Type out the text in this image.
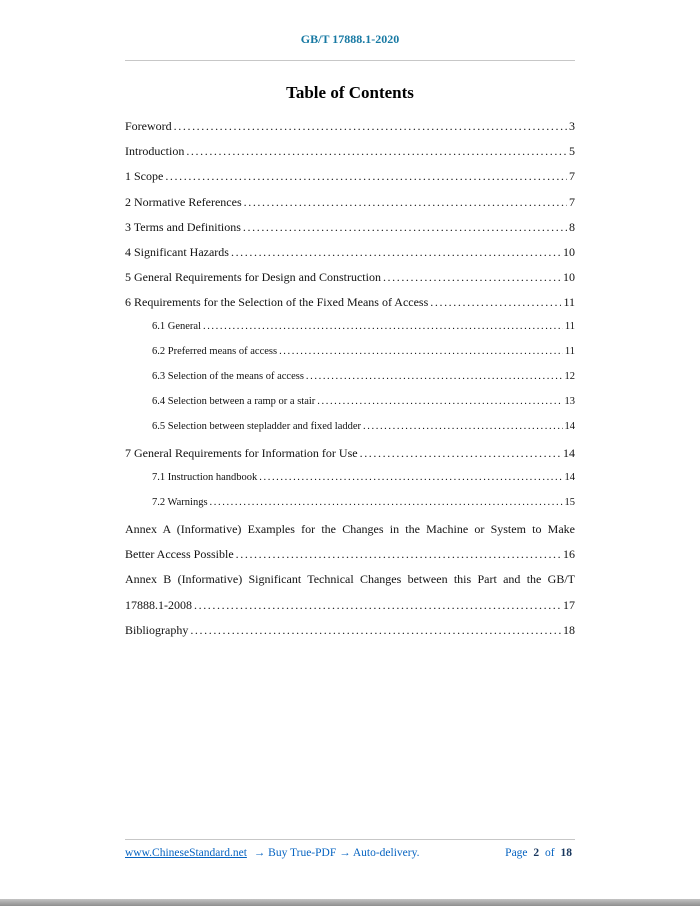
GB/T 17888.1-2020
Table of Contents
Foreword .....	3
Introduction .....	5
1 Scope .....	7
2 Normative References .....	7
3 Terms and Definitions .....	8
4 Significant Hazards .....	10
5 General Requirements for Design and Construction .....	10
6 Requirements for the Selection of the Fixed Means of Access .....	11
6.1 General .....	11
6.2 Preferred means of access .....	11
6.3 Selection of the means of access .....	12
6.4 Selection between a ramp or a stair .....	13
6.5 Selection between stepladder and fixed ladder .....	14
7 General Requirements for Information for Use .....	14
7.1 Instruction handbook .....	14
7.2 Warnings .....	15
Annex A (Informative) Examples for the Changes in the Machine or System to Make
Better Access Possible .....	16
Annex B (Informative) Significant Technical Changes between this Part and the GB/T
17888.1-2008 .....	17
Bibliography .....	18
www.ChineseStandard.net → Buy True-PDF → Auto-delivery.	Page 2 of 18
